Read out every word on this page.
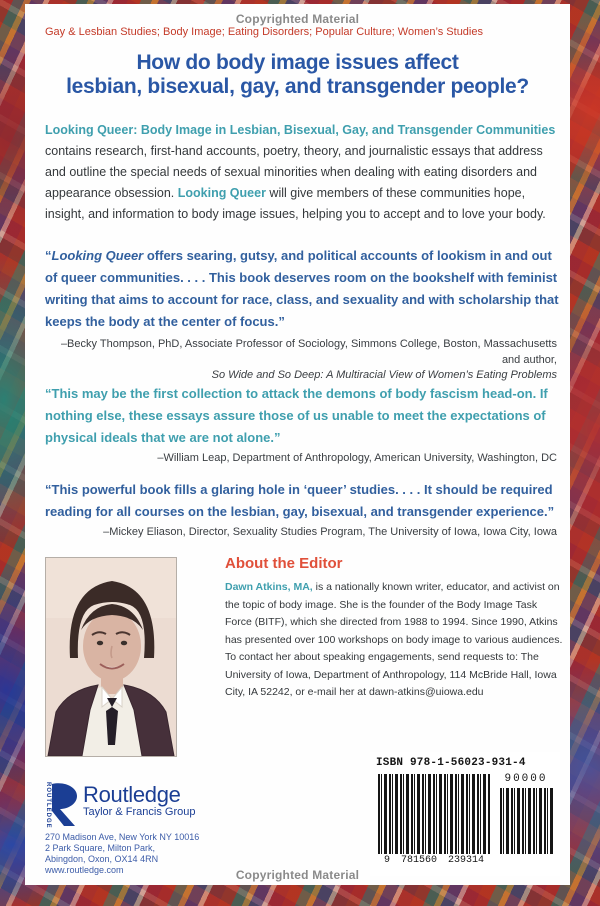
Copyrighted Material
Gay & Lesbian Studies; Body Image; Eating Disorders; Popular Culture; Women’s Studies
How do body image issues affect
lesbian, bisexual, gay, and transgender people?

Looking Queer: Body Image in Lesbian, Bisexual, Gay, and Transgender Communities contains research, first-hand accounts, poetry, theory, and journalistic essays that address and outline the special needs of sexual minorities when dealing with eating disorders and appearance obsession. Looking Queer will give members of these communities hope, insight, and information to body image issues, helping you to accept and to love your body.

“Looking Queer offers searing, gutsy, and political accounts of lookism in and out of queer communities. . . . This book deserves room on the bookshelf with feminist writing that aims to account for race, class, and sexuality and with scholarship that keeps the body at the center of focus.”

–Becky Thompson, PhD, Associate Professor of Sociology, Simmons College, Boston, Massachusetts and author,
So Wide and So Deep: A Multiracial View of Women’s Eating Problems

“This may be the first collection to attack the demons of body fascism head-on. If nothing else, these essays assure those of us unable to meet the expectations of physical ideals that we are not alone.”

–William Leap, Department of Anthropology, American University, Washington, DC

“This powerful book fills a glaring hole in ‘queer’ studies. . . . It should be required reading for all courses on the lesbian, gay, bisexual, and transgender experience.”

–Mickey Eliason, Director, Sexuality Studies Program, The University of Iowa, Iowa City, Iowa

About the Editor

Dawn Atkins, MA, is a nationally known writer, educator, and activist on the topic of body image. She is the founder of the Body Image Task Force (BITF), which she directed from 1988 to 1994. Since 1990, Atkins has presented over 100 workshops on body image to various audiences. To contact her about speaking engagements, send requests to: The University of Iowa, Department of Anthropology, 114 McBride Hall, Iowa City, IA 52242, or e-mail her at dawn-atkins@uiowa.edu

ROUTLEDGE Routledge
Taylor & Francis Group
270 Madison Ave, New York NY 10016
2 Park Square, Milton Park,
Abingdon, Oxon, OX14 4RN
www.routledge.com
ISBN 978-1-56023-931-4
90000
9 781560 239314
Copyrighted Material
